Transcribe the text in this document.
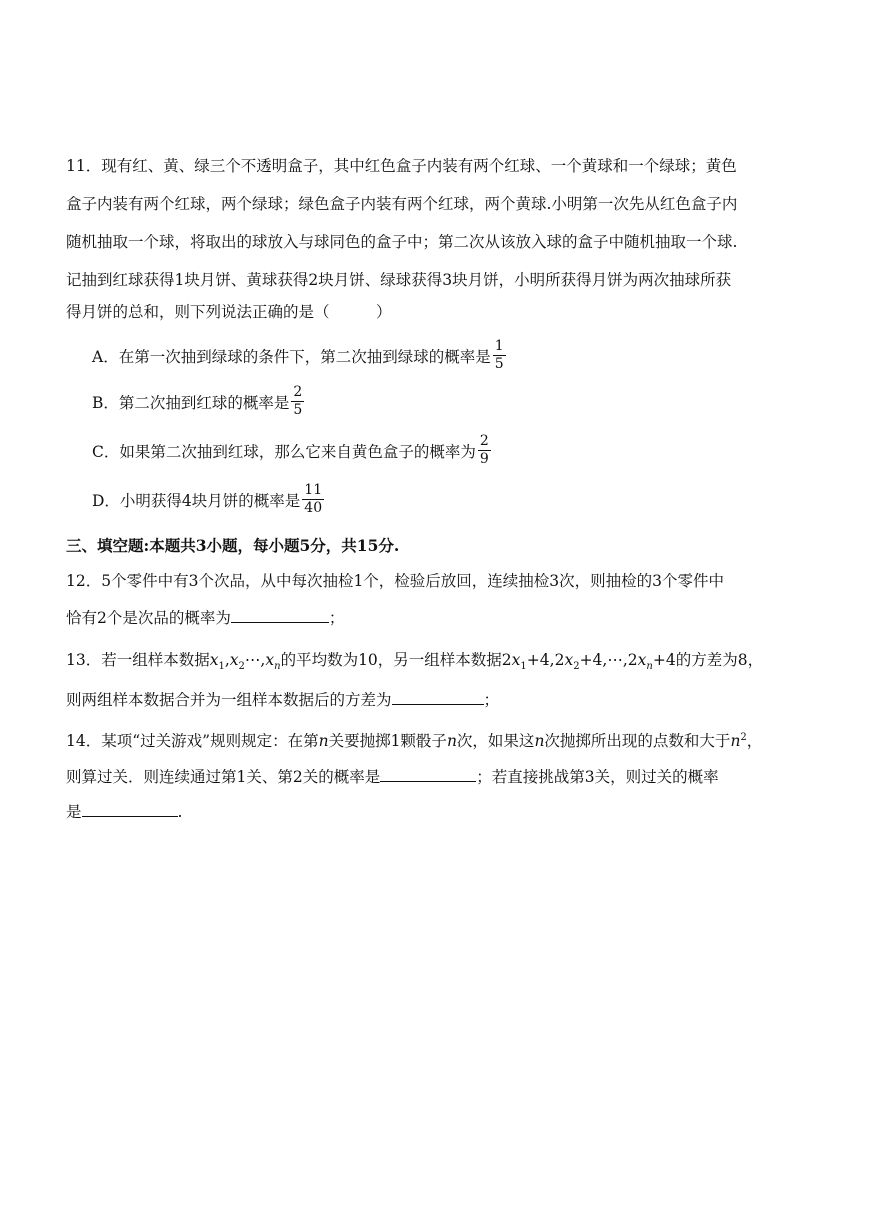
11．现有红、黄、绿三个不透明盒子，其中红色盒子内装有两个红球、一个黄球和一个绿球；黄色
盒子内装有两个红球，两个绿球；绿色盒子内装有两个红球，两个黄球.小明第一次先从红色盒子内
随机抽取一个球，将取出的球放入与球同色的盒子中；第二次从该放入球的盒子中随机抽取一个球.
记抽到红球获得1块月饼、黄球获得2块月饼、绿球获得3块月饼，小明所获得月饼为两次抽球所获
得月饼的总和，则下列说法正确的是（　　　）
A．在第一次抽到绿球的条件下，第二次抽到绿球的概率是 $\frac{1}{5}$
B．第二次抽到红球的概率是 $\frac{2}{5}$
C．如果第二次抽到红球，那么它来自黄色盒子的概率为 $\frac{2}{9}$
D．小明获得4块月饼的概率是 $\frac{11}{40}$
三、填空题:本题共3小题，每小题5分，共15分.
12．5个零件中有3个次品，从中每次抽检1个，检验后放回，连续抽检3次，则抽检的3个零件中
恰有2个是次品的概率为	；
13．若一组样本数据$x_1,x_2\cdots,x_n$的平均数为10，另一组样本数据$2x_1+4,2x_2+4,\cdots,2x_n+4$的方差为8，
则两组样本数据合并为一组样本数据后的方差为	；
14．某项“过关游戏”规则规定：在第n关要抛掷1颗骰子n次，如果这n次抛掷所出现的点数和大于$n^2$，
则算过关．则连续通过第1关、第2关的概率是	；若直接挑战第3关，则过关的概率
是	.
